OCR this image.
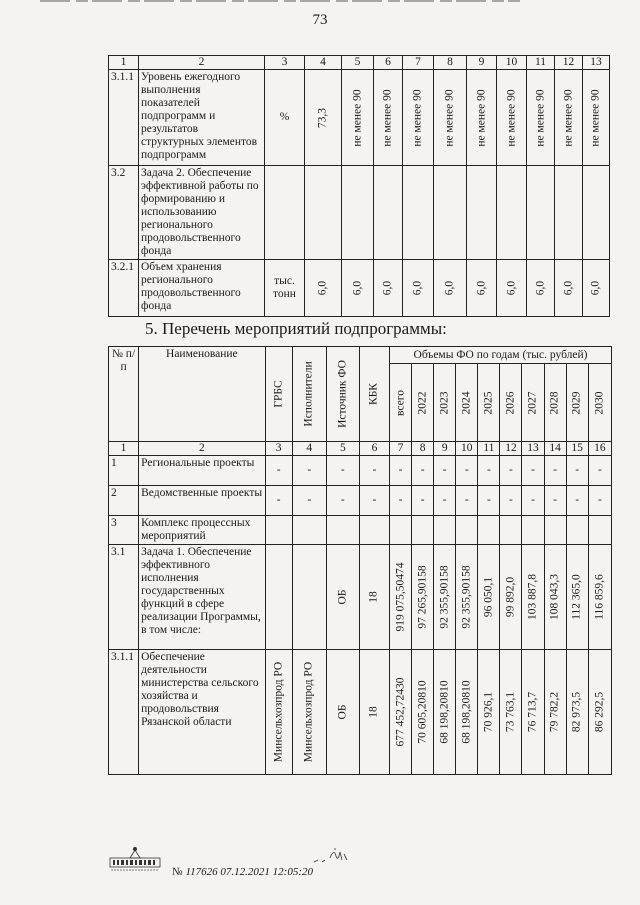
73
1	2	3	4	5	6	7	8	9	10	11	12	13
3.1.1	Уровень ежегодного выполнения показателей подпрограмм и результатов структурных элементов подпрограмм	%	73,3	не менее 90	не менее 90	не менее 90	не менее 90	не менее 90	не менее 90	не менее 90	не менее 90	не менее 90

3.2	Задача 2. Обеспечение эффективной работы по формированию и использованию регионального продовольственного фонда											
3.2.1	Объем хранения регионального продовольственного фонда	тыс. тонн	6,0	6,0	6,0	6,0	6,0	6,0	6,0	6,0	6,0	6,0
5. Перечень мероприятий подпрограммы:
№ п/п	Наименование	ГРБС	Исполнители	Источник ФО	КБК	Объемы ФО по годам (тыс. рублей)									

						всего	2022	2023	2024	2025	2026	2027	2028	2029	2030

1	2	3	4	5	6	7	8	9	10	11	12	13	14	15	16
1	Региональные проекты	-	-	-	-	-	-	-	-	-	-	-	-	-	-
2	Ведомственные проекты	-	-	-	-	-	-	-	-	-	-	-	-	-	-
3	Комплекс процессных мероприятий														
3.1	Задача 1. Обеспечение эффективного исполнения государственных функций в сфере реализации Программы, в том числе:			ОБ	18	919 075,50474	97 265,90158	92 355,90158	92 355,90158	96 050,1	99 892,0	103 887,8	108 043,3	112 365,0	116 859,6

3.1.1	Обеспечение деятельности министерства сельского хозяйства и продовольствия Рязанской области	Минсельхозпрод РО	Минсельхозпрод РО	ОБ	18	677 452,72430	70 605,20810	68 198,20810	68 198,20810	70 926,1	73 763,1	76 713,7	79 782,2	82 973,5	86 292,5
№ 117626 07.12.2021 12:05:20
